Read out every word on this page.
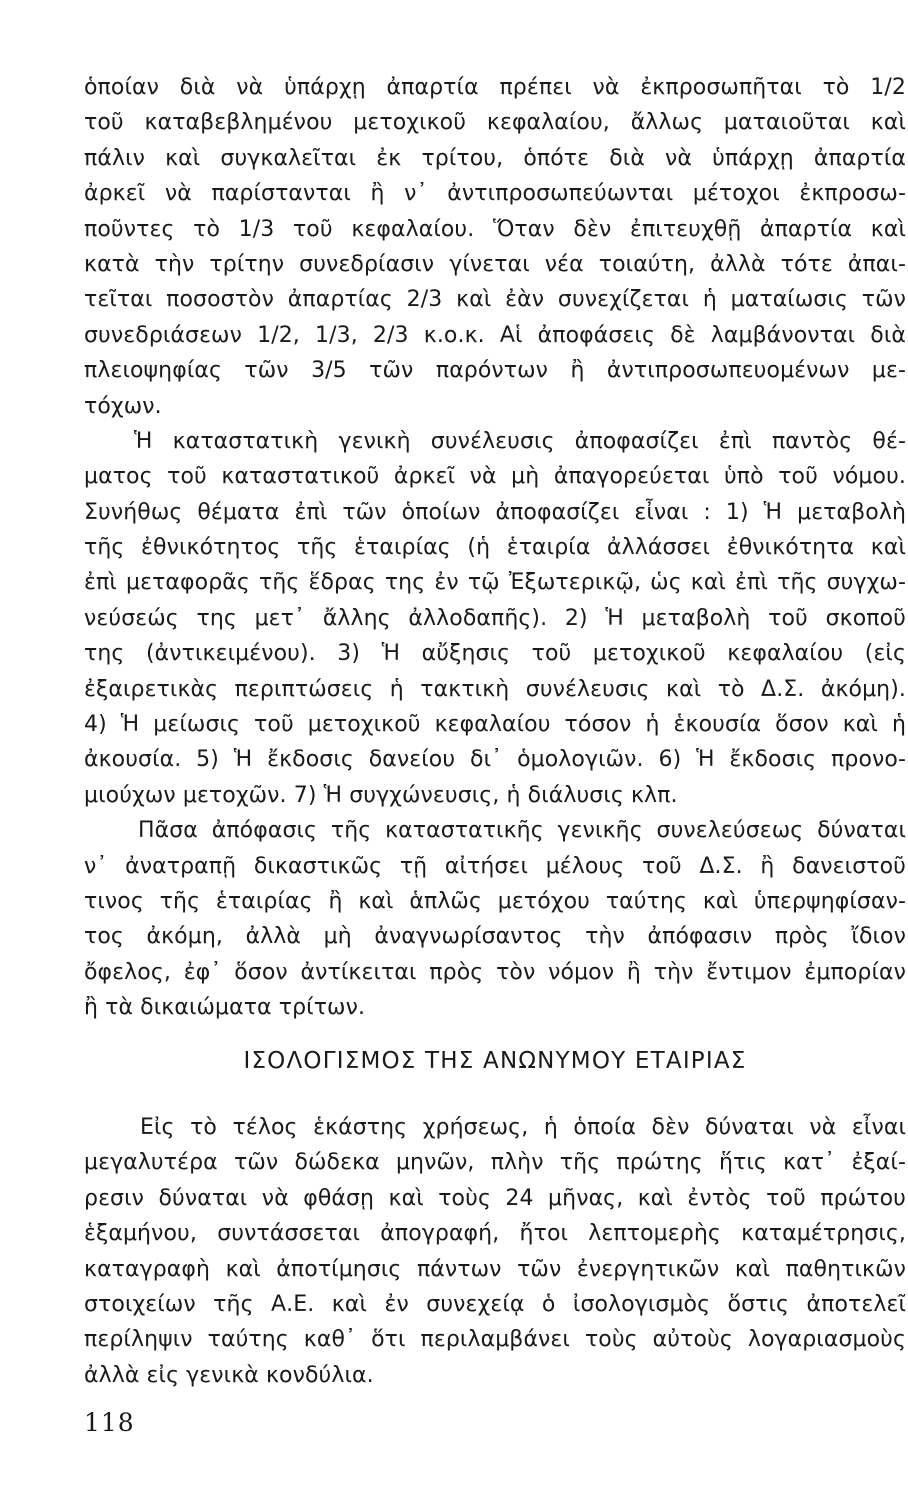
ὁποίαν διὰ νὰ ὑπάρχῃ ἀπαρτία πρέπει νὰ ἐκπροσωπῆται τὸ 1/2
τοῦ καταβεβλημένου μετοχικοῦ κεφαλαίου, ἄλλως ματαιοῦται καὶ
πάλιν καὶ συγκαλεῖται ἐκ τρίτου, ὁπότε διὰ νὰ ὑπάρχῃ ἀπαρτία
ἀρκεῖ νὰ παρίστανται ἢ ν᾿ ἀντιπροσωπεύωνται μέτοχοι ἐκπροσω-
ποῦντες τὸ 1/3 τοῦ κεφαλαίου. Ὅταν δὲν ἐπιτευχθῇ ἀπαρτία καὶ
κατὰ τὴν τρίτην συνεδρίασιν γίνεται νέα τοιαύτη, ἀλλὰ τότε ἀπαι-
τεῖται ποσοστὸν ἀπαρτίας 2/3 καὶ ἐὰν συνεχίζεται ἡ ματαίωσις τῶν
συνεδριάσεων 1/2, 1/3, 2/3 κ.ο.κ. Αἱ ἀποφάσεις δὲ λαμβάνονται διὰ
πλειοψηφίας τῶν 3/5 τῶν παρόντων ἢ ἀντιπροσωπευομένων με-
τόχων.
Ἡ καταστατικὴ γενικὴ συνέλευσις ἀποφασίζει ἐπὶ παντὸς θέ-
ματος τοῦ καταστατικοῦ ἀρκεῖ νὰ μὴ ἀπαγορεύεται ὑπὸ τοῦ νόμου.
Συνήθως θέματα ἐπὶ τῶν ὁποίων ἀποφασίζει εἶναι : 1) Ἡ μεταβολὴ
τῆς ἐθνικότητος τῆς ἑταιρίας (ἡ ἑταιρία ἀλλάσσει ἐθνικότητα καὶ
ἐπὶ μεταφορᾶς τῆς ἕδρας της ἐν τῷ Ἐξωτερικῷ, ὡς καὶ ἐπὶ τῆς συγχω-
νεύσεώς της μετ᾿ ἄλλης ἀλλοδαπῆς). 2) Ἡ μεταβολὴ τοῦ σκοποῦ
της (ἀντικειμένου). 3) Ἡ αὔξησις τοῦ μετοχικοῦ κεφαλαίου (εἰς
ἐξαιρετικὰς περιπτώσεις ἡ τακτικὴ συνέλευσις καὶ τὸ Δ.Σ. ἀκόμη).
4) Ἡ μείωσις τοῦ μετοχικοῦ κεφαλαίου τόσον ἡ ἑκουσία ὅσον καὶ ἡ
ἀκουσία. 5) Ἡ ἔκδοσις δανείου δι᾿ ὁμολογιῶν. 6) Ἡ ἔκδοσις προνο-
μιούχων μετοχῶν. 7) Ἡ συγχώνευσις, ἡ διάλυσις κλπ.
Πᾶσα ἀπόφασις τῆς καταστατικῆς γενικῆς συνελεύσεως δύναται
ν᾿ ἀνατραπῇ δικαστικῶς τῇ αἰτήσει μέλους τοῦ Δ.Σ. ἢ δανειστοῦ
τινος τῆς ἑταιρίας ἢ καὶ ἁπλῶς μετόχου ταύτης καὶ ὑπερψηφίσαν-
τος ἀκόμη, ἀλλὰ μὴ ἀναγνωρίσαντος τὴν ἀπόφασιν πρὸς ἴδιον
ὄφελος, ἐφ᾿ ὅσον ἀντίκειται πρὸς τὸν νόμον ἢ τὴν ἔντιμον ἐμπορίαν
ἢ τὰ δικαιώματα τρίτων.
ΙΣΟΛΟΓΙΣΜΟΣ ΤΗΣ ΑΝΩΝΥΜΟΥ ΕΤΑΙΡΙΑΣ
Εἰς τὸ τέλος ἑκάστης χρήσεως, ἡ ὁποία δὲν δύναται νὰ εἶναι
μεγαλυτέρα τῶν δώδεκα μηνῶν, πλὴν τῆς πρώτης ἥτις κατ᾿ ἐξαί-
ρεσιν δύναται νὰ φθάσῃ καὶ τοὺς 24 μῆνας, καὶ ἐντὸς τοῦ πρώτου
ἑξαμήνου, συντάσσεται ἀπογραφή, ἤτοι λεπτομερὴς καταμέτρησις,
καταγραφὴ καὶ ἀποτίμησις πάντων τῶν ἐνεργητικῶν καὶ παθητικῶν
στοιχείων τῆς Α.Ε. καὶ ἐν συνεχείᾳ ὁ ἰσολογισμὸς ὅστις ἀποτελεῖ
περίληψιν ταύτης καθ᾿ ὅτι περιλαμβάνει τοὺς αὐτοὺς λογαριασμοὺς
ἀλλὰ εἰς γενικὰ κονδύλια.
118
